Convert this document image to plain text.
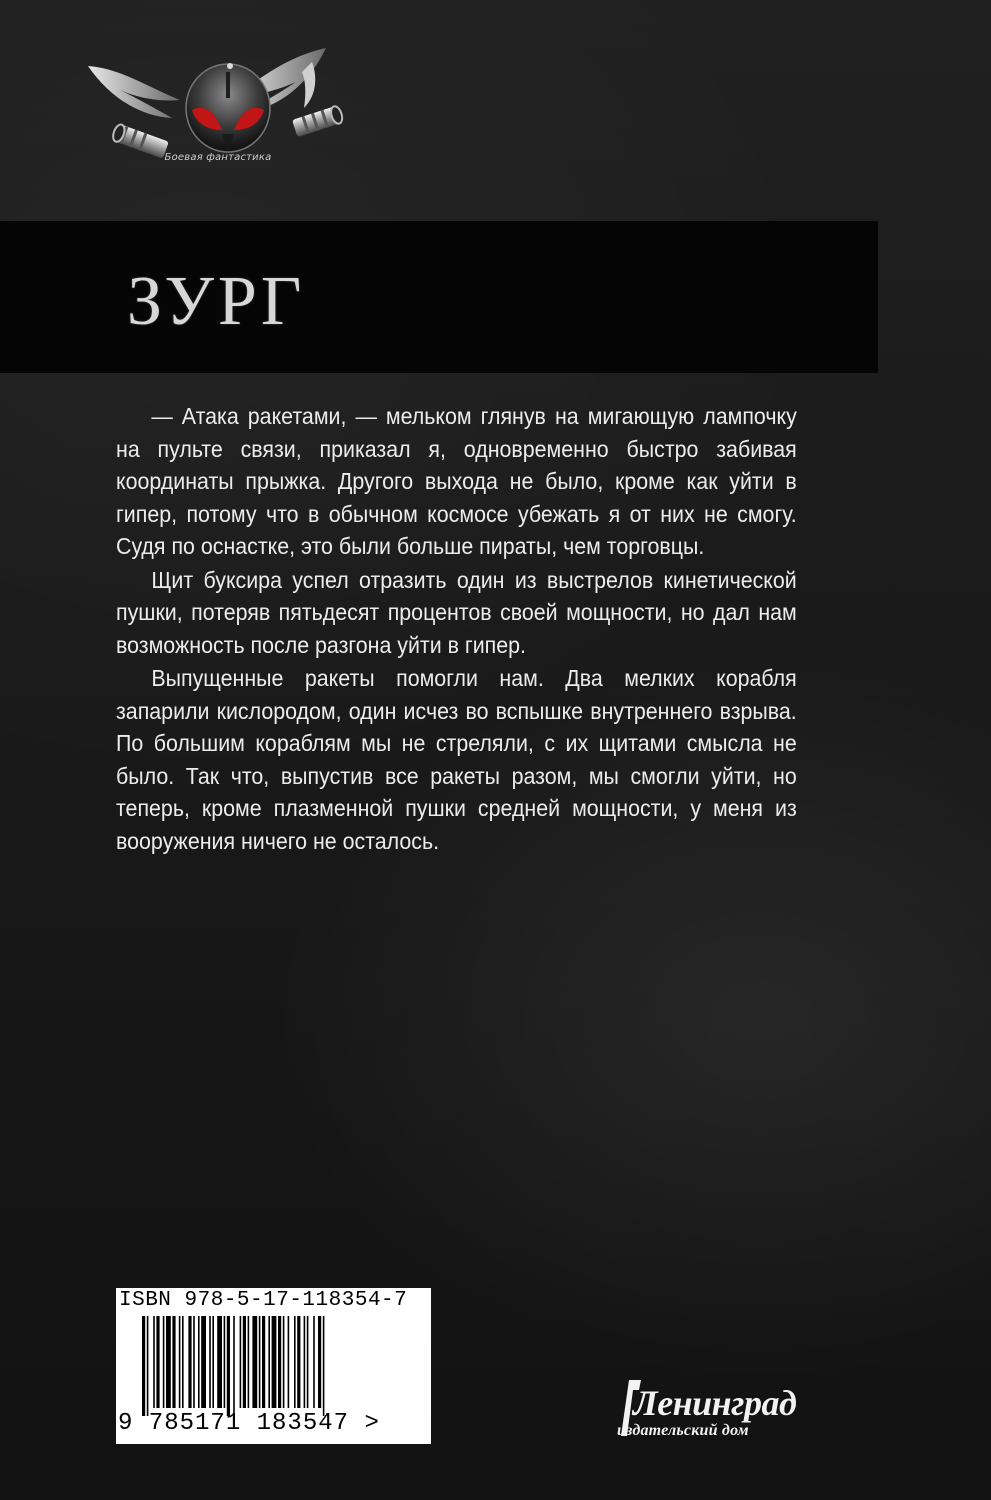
Боевая фантастика
ЗУРГ

— Атака ракетами, — мельком глянув на мигающую лампочку на пульте связи, приказал я, одновременно быстро забивая координаты прыжка. Другого выхода не было, кроме как уйти в гипер, потому что в обычном космосе убежать я от них не смогу. Судя по оснастке, это были больше пираты, чем торговцы.

Щит буксира успел отразить один из выстрелов кинетической пушки, потеряв пятьдесят процентов своей мощности, но дал нам возможность после разгона уйти в гипер.

Выпущенные ракеты помогли нам. Два мелких корабля запарили кислородом, один исчез во вспышке внутреннего взрыва. По большим кораблям мы не стреляли, с их щитами смысла не было. Так что, выпустив все ракеты разом, мы смогли уйти, но теперь, кроме плазменной пушки средней мощности, у меня из вооружения ничего не осталось.

ISBN 978-5-17-118354-7

9 785171 183547 >

Ленинград

издательский дом
